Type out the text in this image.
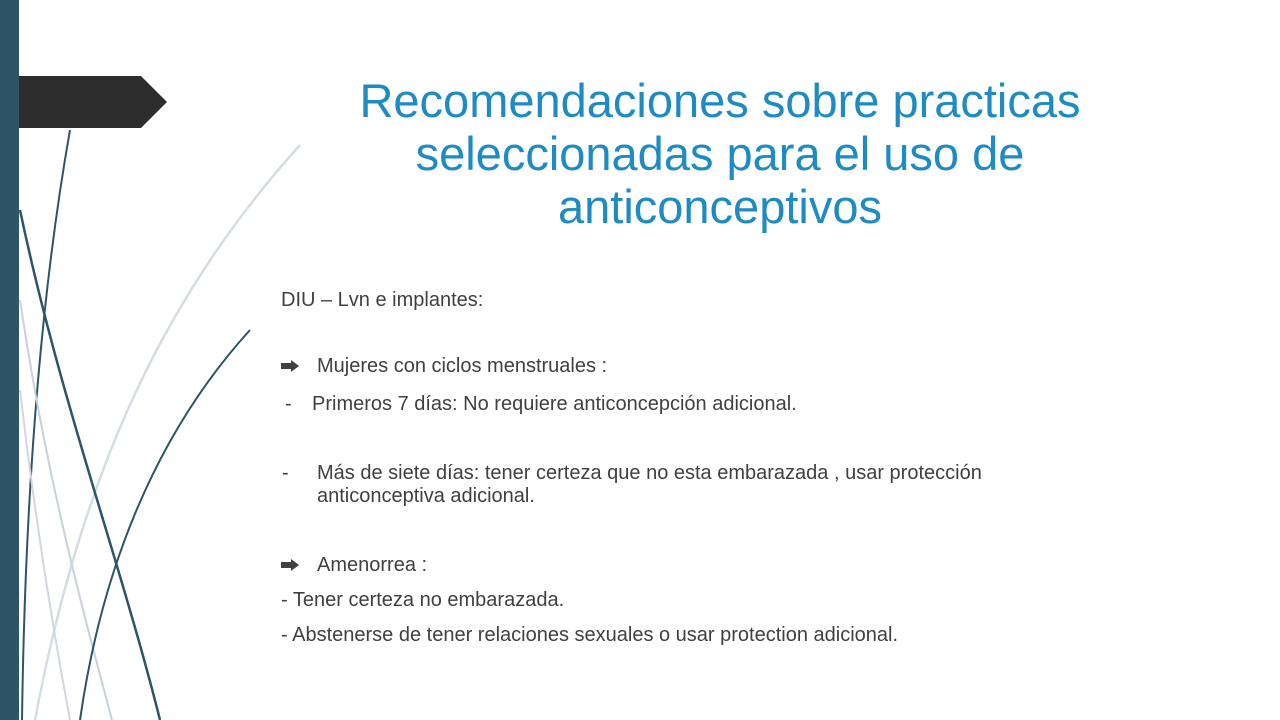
Recomendaciones sobre practicas seleccionadas para el uso de anticonceptivos
DIU – Lvn e implantes:
Mujeres con ciclos menstruales :
- Primeros 7 días: No requiere anticoncepción adicional.
- Más de siete días: tener certeza que no esta embarazada , usar protección
anticonceptiva adicional.
Amenorrea :
- Tener certeza no embarazada.
- Abstenerse de tener relaciones sexuales o usar protection adicional.
